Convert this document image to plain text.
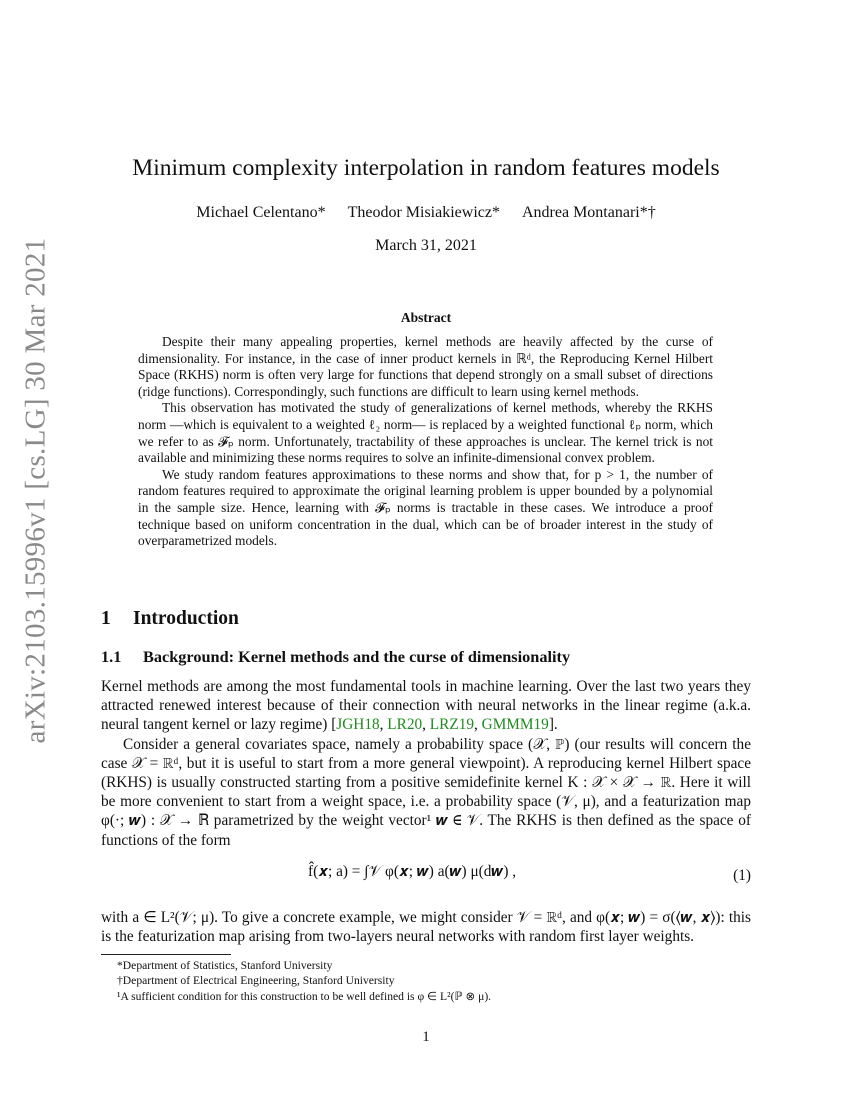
arXiv:2103.15996v1 [cs.LG] 30 Mar 2021
Minimum complexity interpolation in random features models
Michael Celentano* Theodor Misiakiewicz* Andrea Montanari*†
March 31, 2021
Abstract

Despite their many appealing properties, kernel methods are heavily affected by the curse of dimensionality. For instance, in the case of inner product kernels in ℝᵈ, the Reproducing Kernel Hilbert Space (RKHS) norm is often very large for functions that depend strongly on a small subset of directions (ridge functions). Correspondingly, such functions are difficult to learn using kernel methods.

This observation has motivated the study of generalizations of kernel methods, whereby the RKHS norm —which is equivalent to a weighted ℓ₂ norm— is replaced by a weighted functional ℓₚ norm, which we refer to as 𝓕ₚ norm. Unfortunately, tractability of these approaches is unclear. The kernel trick is not available and minimizing these norms requires to solve an infinite-dimensional convex problem.

We study random features approximations to these norms and show that, for p > 1, the number of random features required to approximate the original learning problem is upper bounded by a polynomial in the sample size. Hence, learning with 𝓕ₚ norms is tractable in these cases. We introduce a proof technique based on uniform concentration in the dual, which can be of broader interest in the study of overparametrized models.

1 Introduction
1.1 Background: Kernel methods and the curse of dimensionality

Kernel methods are among the most fundamental tools in machine learning. Over the last two years they attracted renewed interest because of their connection with neural networks in the linear regime (a.k.a. neural tangent kernel or lazy regime) [JGH18, LR20, LRZ19, GMMM19].

Consider a general covariates space, namely a probability space (𝒳, ℙ) (our results will concern the case 𝒳 = ℝᵈ, but it is useful to start from a more general viewpoint). A reproducing kernel Hilbert space (RKHS) is usually constructed starting from a positive semidefinite kernel K : 𝒳 × 𝒳 → ℝ. Here it will be more convenient to start from a weight space, i.e. a probability space (𝒱, μ), and a featurization map φ(·; 𝒘) : 𝒳 → ℝ parametrized by the weight vector¹ 𝒘 ∈ 𝒱. The RKHS is then defined as the space of functions of the form

f̂(𝒙; a) = ∫𝒱 φ(𝒙; 𝒘) a(𝒘) μ(d𝒘) ,	(1)

with a ∈ L²(𝒱; μ). To give a concrete example, we might consider 𝒱 = ℝᵈ, and φ(𝒙; 𝒘) = σ(⟨𝒘, 𝒙⟩): this is the featurization map arising from two-layers neural networks with random first layer weights.

*Department of Statistics, Stanford University
†Department of Electrical Engineering, Stanford University
¹A sufficient condition for this construction to be well defined is φ ∈ L²(ℙ ⊗ μ).
1
